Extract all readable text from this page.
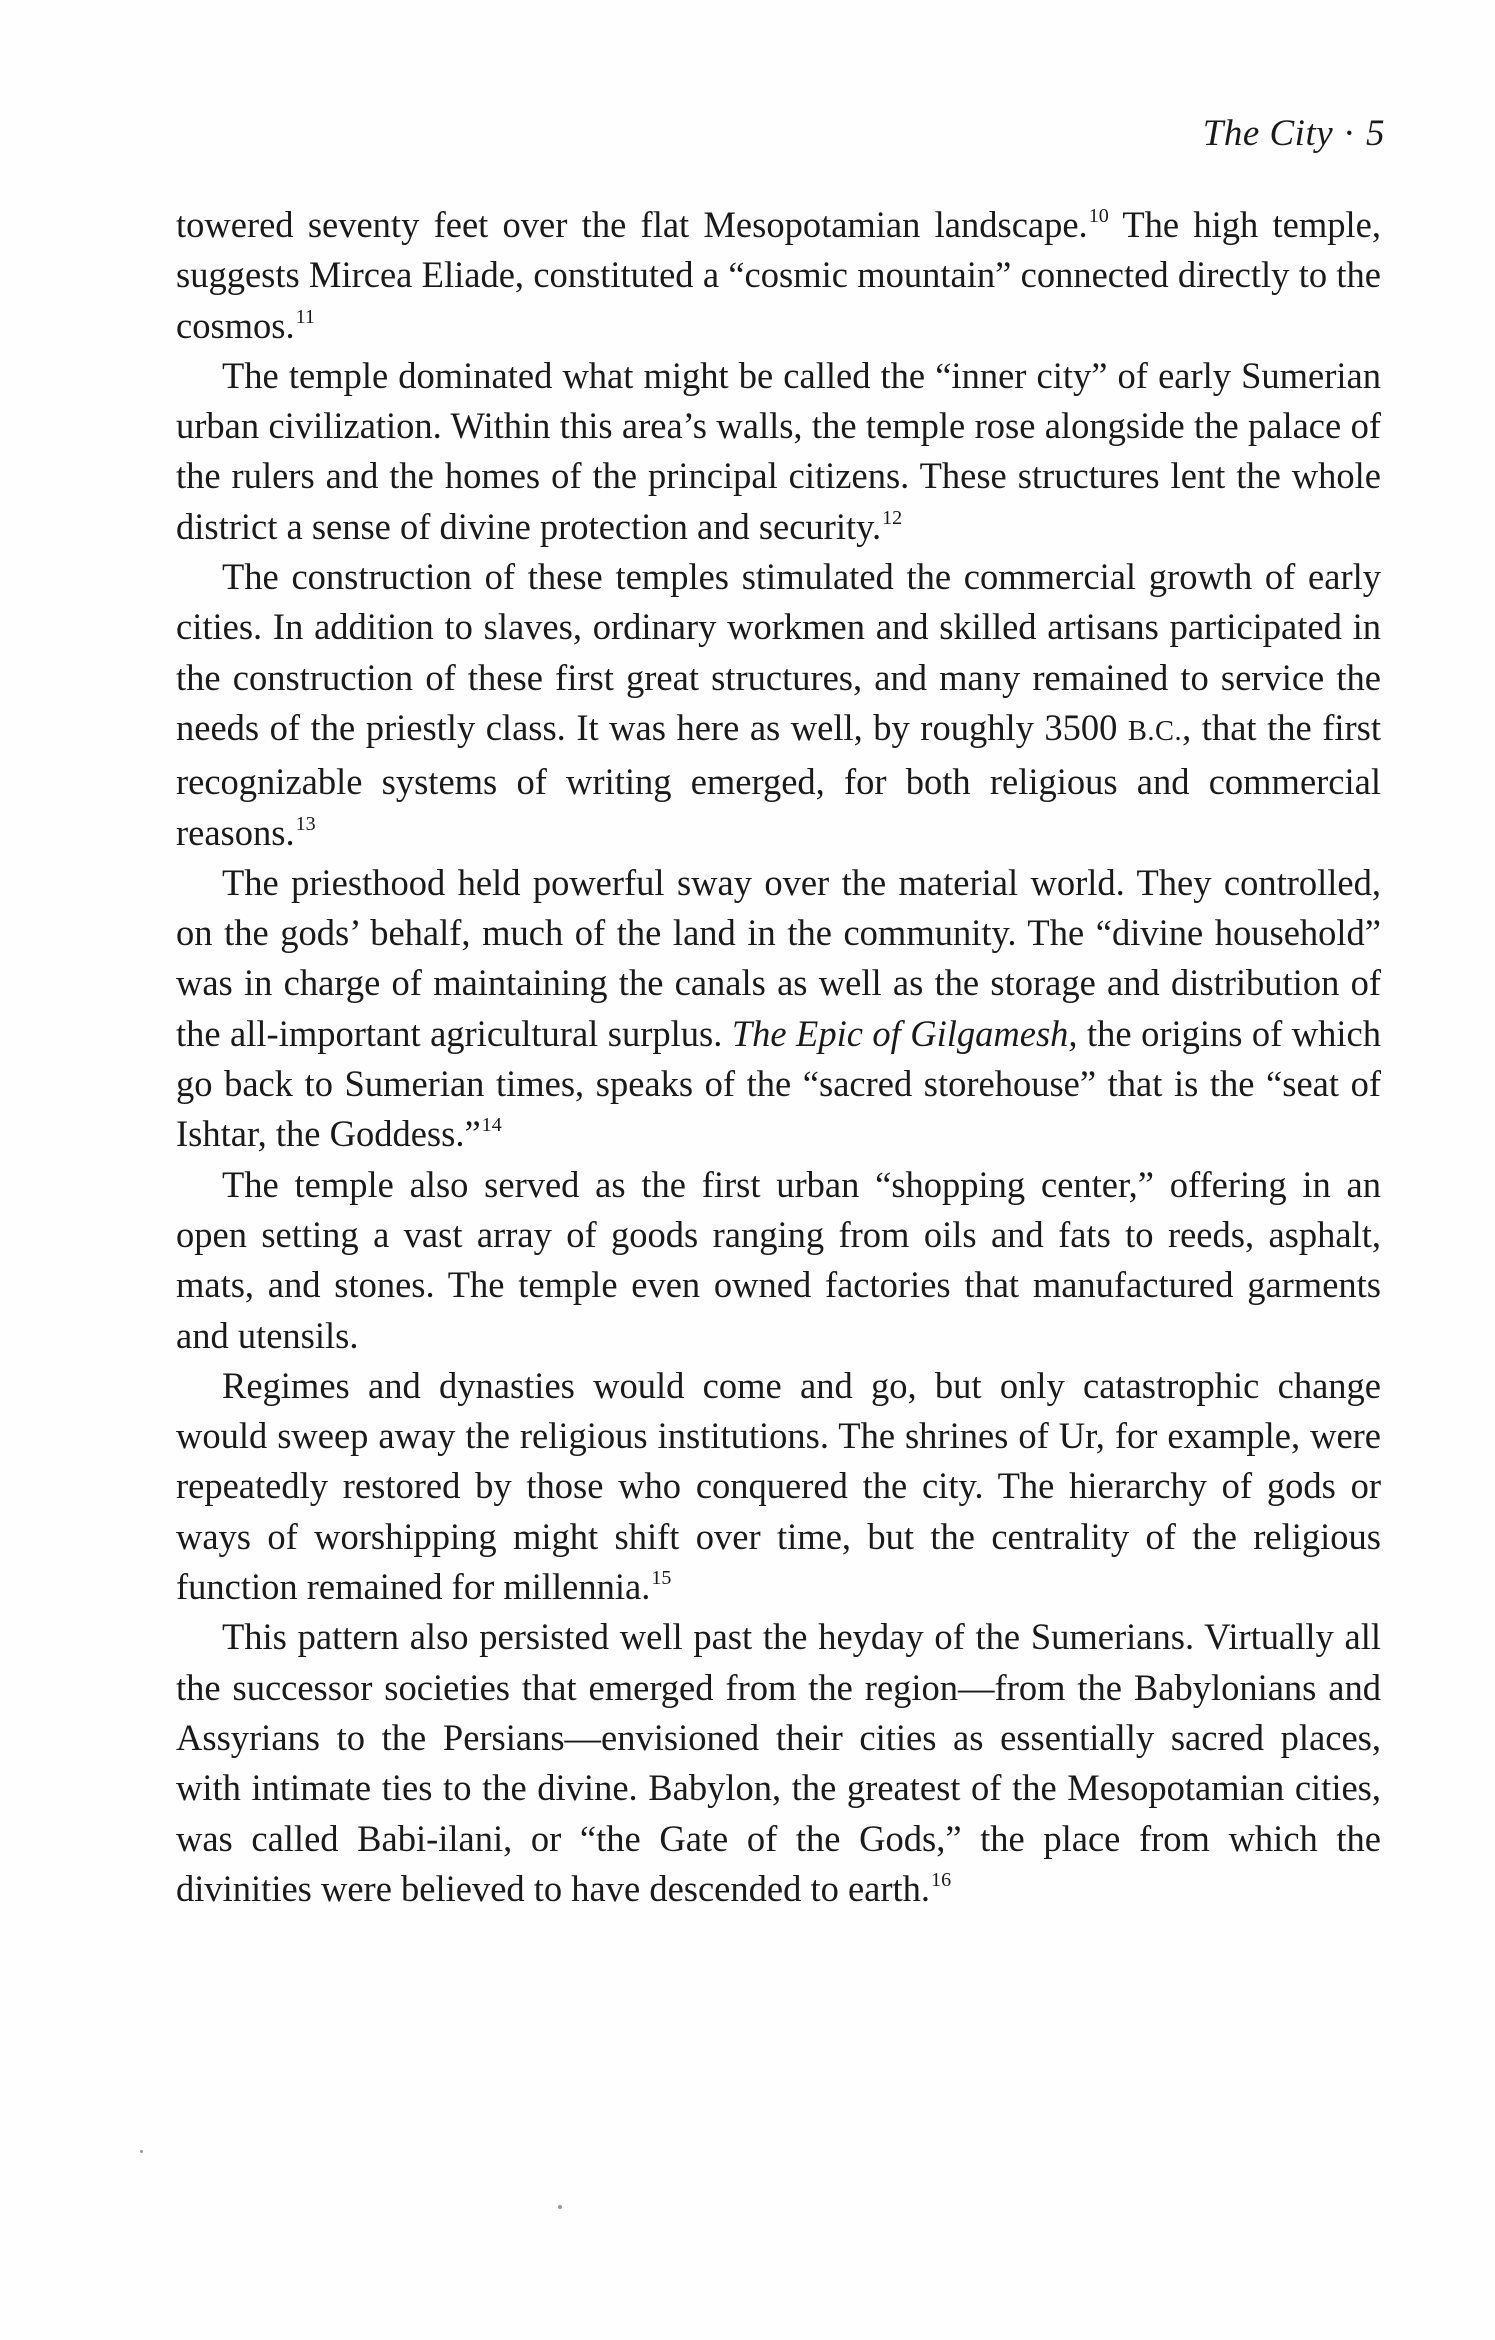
The City · 5

towered seventy feet over the flat Mesopotamian landscape.$^{10}$ The high temple, suggests Mircea Eliade, constituted a “cosmic mountain” connected directly to the cosmos.$^{11}$

The temple dominated what might be called the “inner city” of early Sumerian urban civilization. Within this area’s walls, the temple rose alongside the palace of the rulers and the homes of the principal citizens. These structures lent the whole district a sense of divine protection and security.$^{12}$

The construction of these temples stimulated the commercial growth of early cities. In addition to slaves, ordinary workmen and skilled artisans participated in the construction of these first great structures, and many remained to service the needs of the priestly class. It was here as well, by roughly 3500 B.C., that the first recognizable systems of writing emerged, for both religious and commercial reasons.$^{13}$

The priesthood held powerful sway over the material world. They controlled, on the gods’ behalf, much of the land in the community. The “divine household” was in charge of maintaining the canals as well as the storage and distribution of the all-important agricultural surplus. The Epic of Gilgamesh, the origins of which go back to Sumerian times, speaks of the “sacred storehouse” that is the “seat of Ishtar, the Goddess.”$^{14}$

The temple also served as the first urban “shopping center,” offering in an open setting a vast array of goods ranging from oils and fats to reeds, asphalt, mats, and stones. The temple even owned factories that manufactured garments and utensils.

Regimes and dynasties would come and go, but only catastrophic change would sweep away the religious institutions. The shrines of Ur, for example, were repeatedly restored by those who conquered the city. The hierarchy of gods or ways of worshipping might shift over time, but the centrality of the religious function remained for millennia.$^{15}$

This pattern also persisted well past the heyday of the Sumerians. Virtually all the successor societies that emerged from the region—from the Babylonians and Assyrians to the Persians—envisioned their cities as essentially sacred places, with intimate ties to the divine. Babylon, the greatest of the Mesopotamian cities, was called Babi-ilani, or “the Gate of the Gods,” the place from which the divinities were believed to have descended to earth.$^{16}$
